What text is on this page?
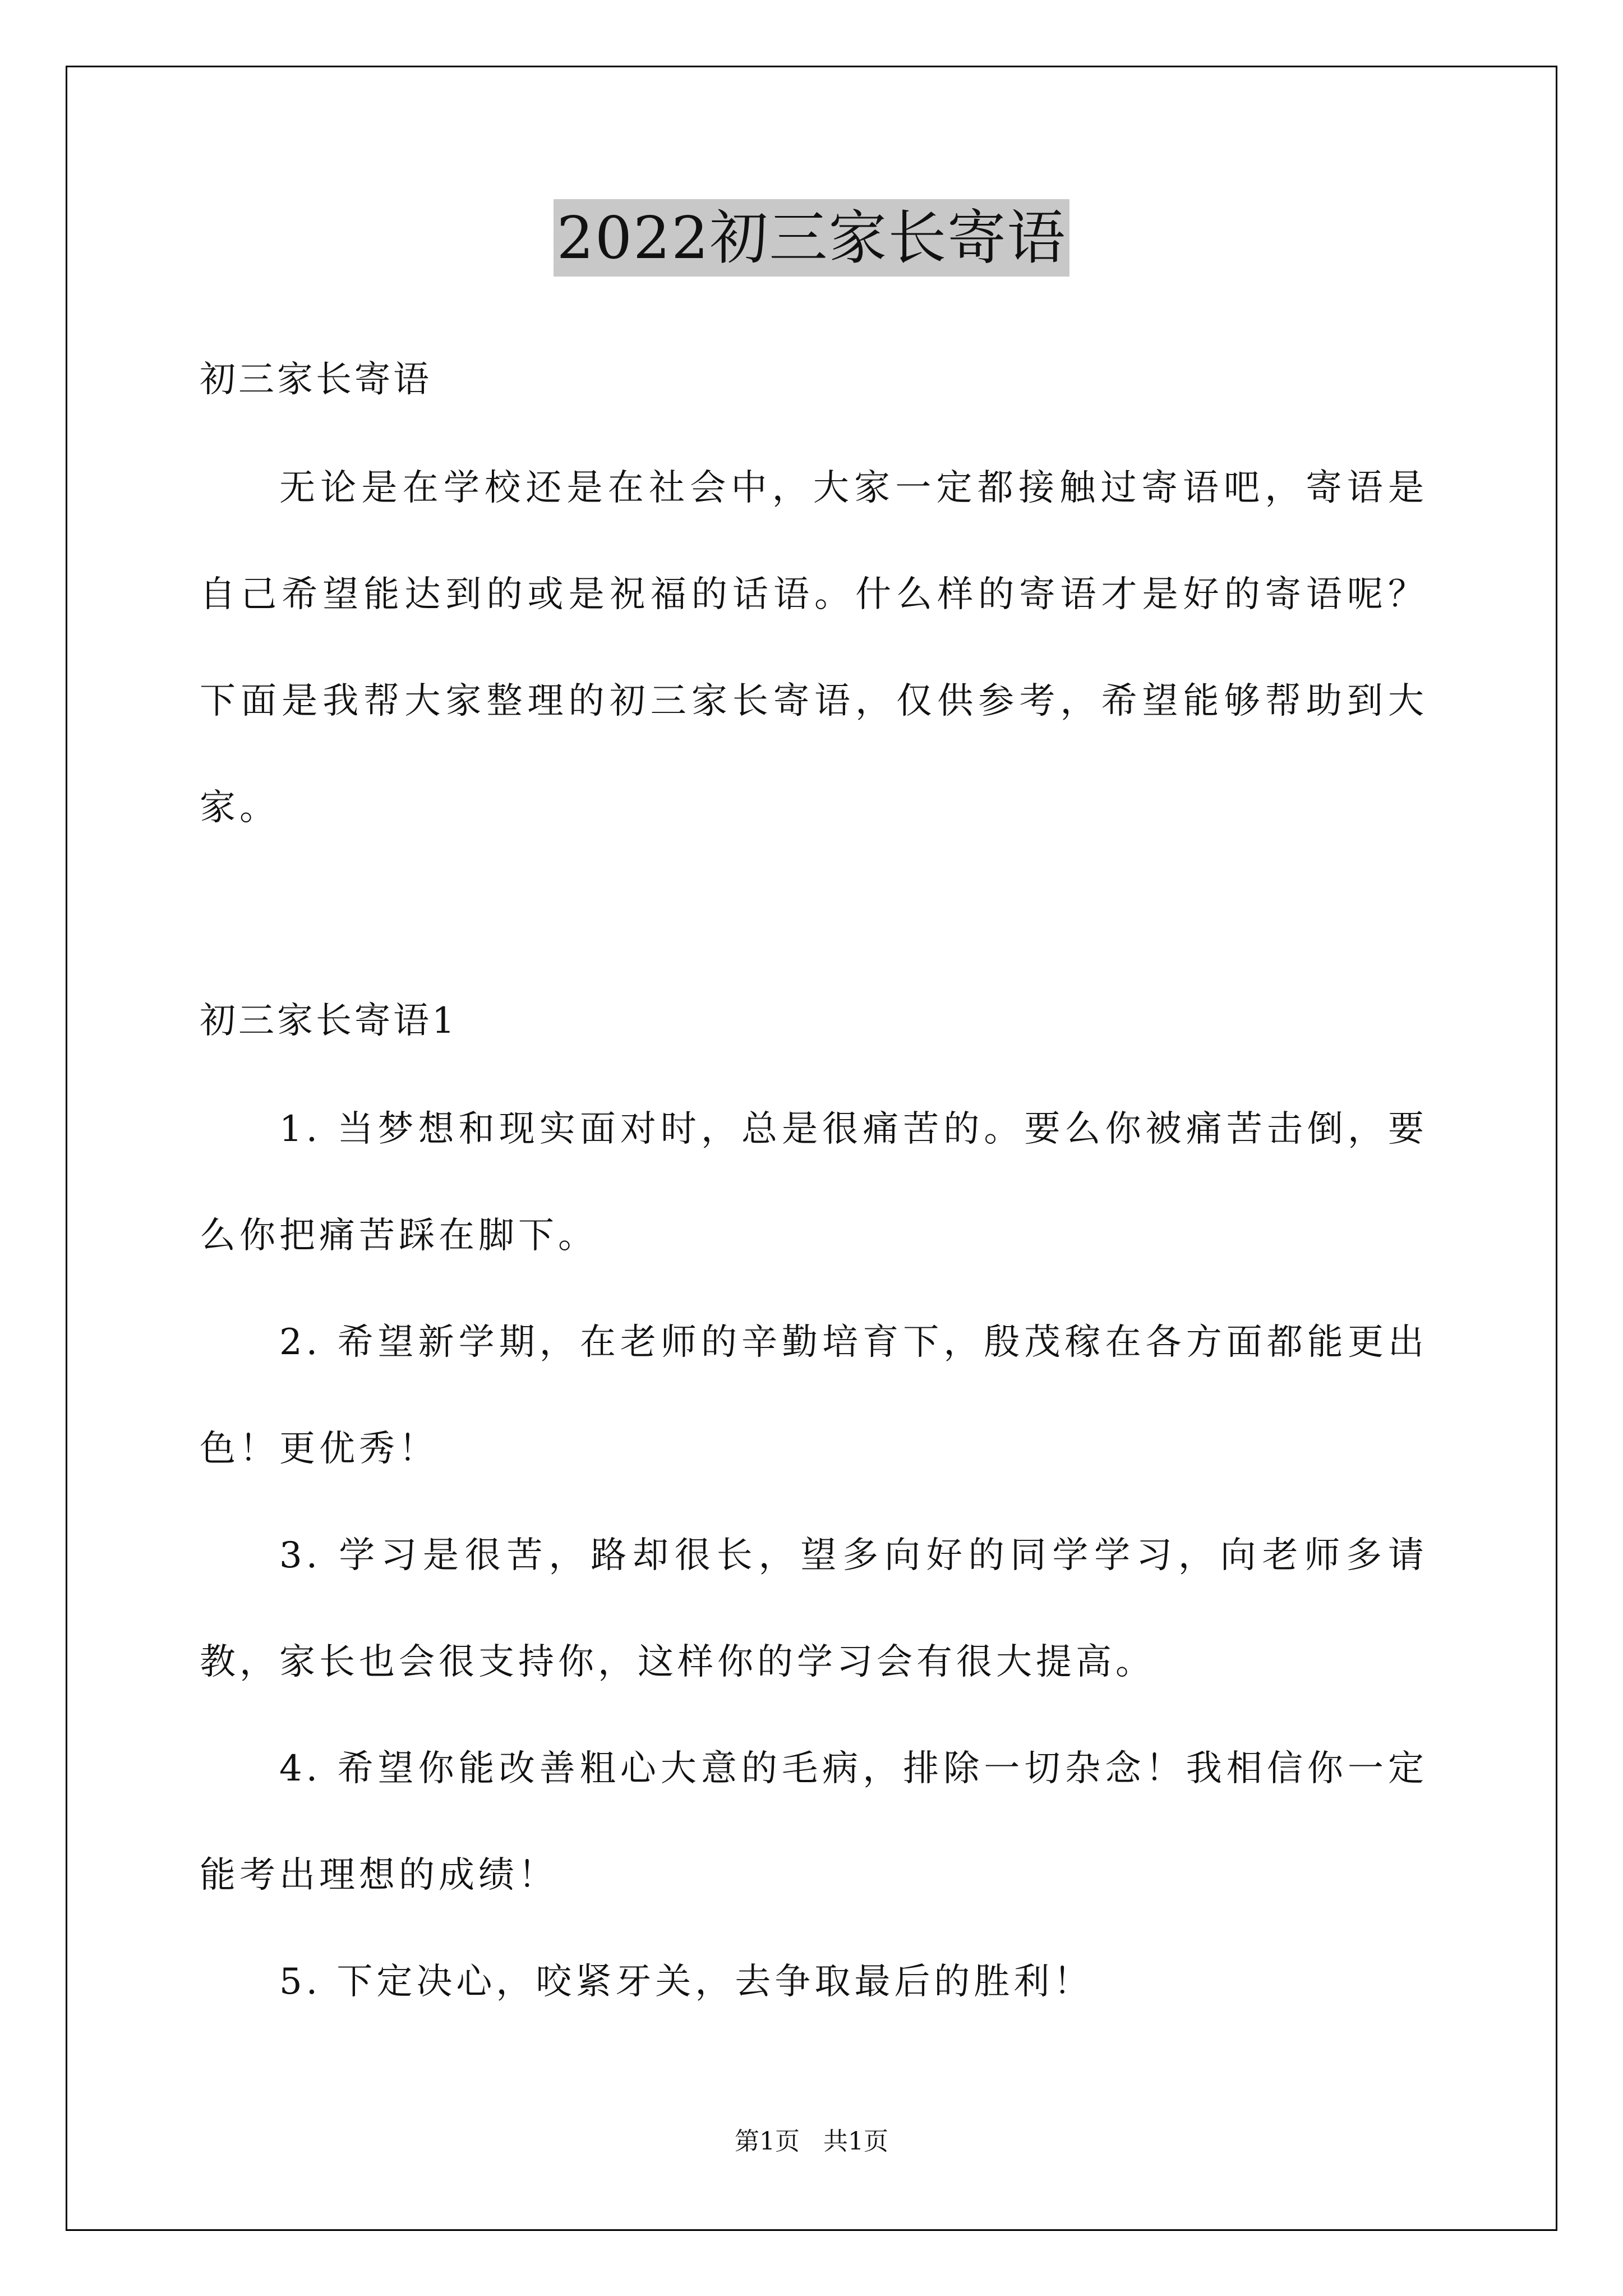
2022初三家长寄语
初三家长寄语
无论是在学校还是在社会中，大家一定都接触过寄语吧，寄语是自己希望能达到的或是祝福的话语。什么样的寄语才是好的寄语呢？下面是我帮大家整理的初三家长寄语，仅供参考，希望能够帮助到大家。
初三家长寄语1
1. 当梦想和现实面对时，总是很痛苦的。要么你被痛苦击倒，要么你把痛苦踩在脚下。
2. 希望新学期，在老师的辛勤培育下，殷茂稼在各方面都能更出色！更优秀！
3. 学习是很苦，路却很长，望多向好的同学学习，向老师多请教，家长也会很支持你，这样你的学习会有很大提高。
4. 希望你能改善粗心大意的毛病，排除一切杂念！我相信你一定能考出理想的成绩！
5. 下定决心，咬紧牙关，去争取最后的胜利！
第1页 共1页
